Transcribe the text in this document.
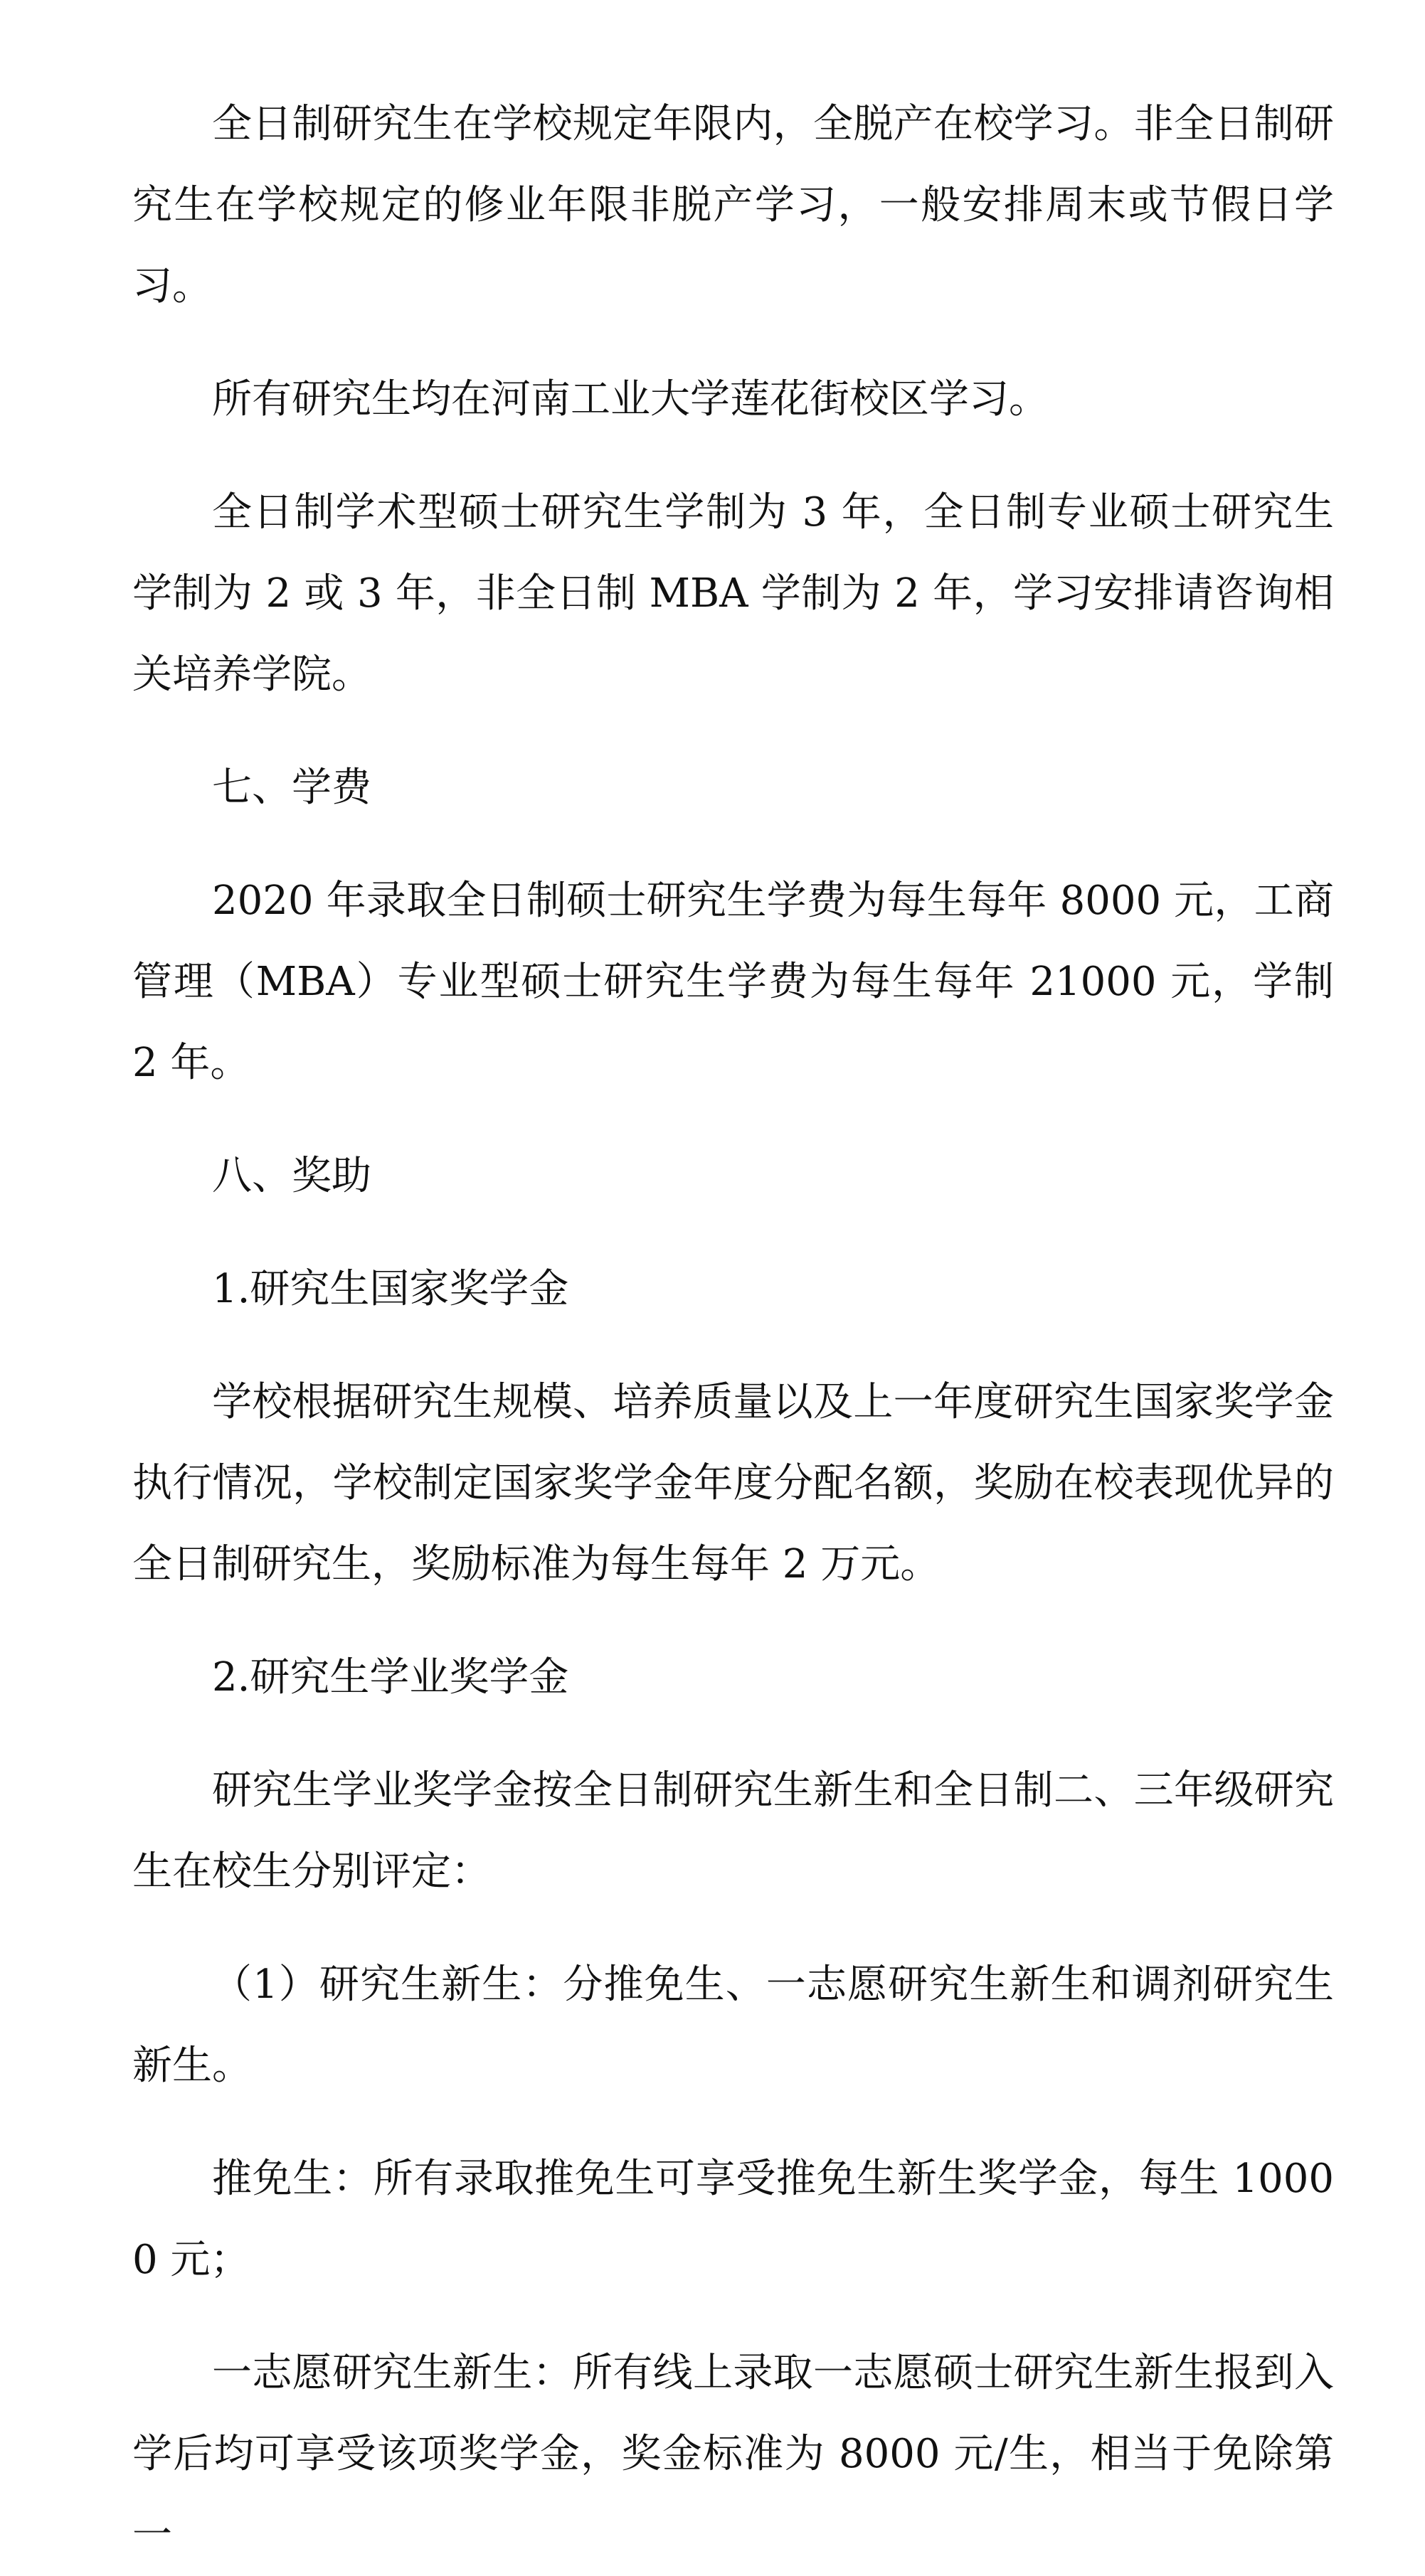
全日制研究生在学校规定年限内，全脱产在校学习。非全日制研究生在学校规定的修业年限非脱产学习，一般安排周末或节假日学习。

所有研究生均在河南工业大学莲花街校区学习。

全日制学术型硕士研究生学制为 3 年，全日制专业硕士研究生学制为 2 或 3 年，非全日制 MBA 学制为 2 年，学习安排请咨询相关培养学院。

七、学费

2020 年录取全日制硕士研究生学费为每生每年 8000 元，工商管理（MBA）专业型硕士研究生学费为每生每年 21000 元，学制 2 年。

八、奖助

1.研究生国家奖学金

学校根据研究生规模、培养质量以及上一年度研究生国家奖学金执行情况，学校制定国家奖学金年度分配名额，奖励在校表现优异的全日制研究生，奖励标准为每生每年 2 万元。

2.研究生学业奖学金

研究生学业奖学金按全日制研究生新生和全日制二、三年级研究生在校生分别评定：

（1）研究生新生：分推免生、一志愿研究生新生和调剂研究生新生。

推免生：所有录取推免生可享受推免生新生奖学金，每生 10000 元；

一志愿研究生新生：所有线上录取一志愿硕士研究生新生报到入学后均可享受该项奖学金，奖金标准为 8000 元/生，相当于免除第一
